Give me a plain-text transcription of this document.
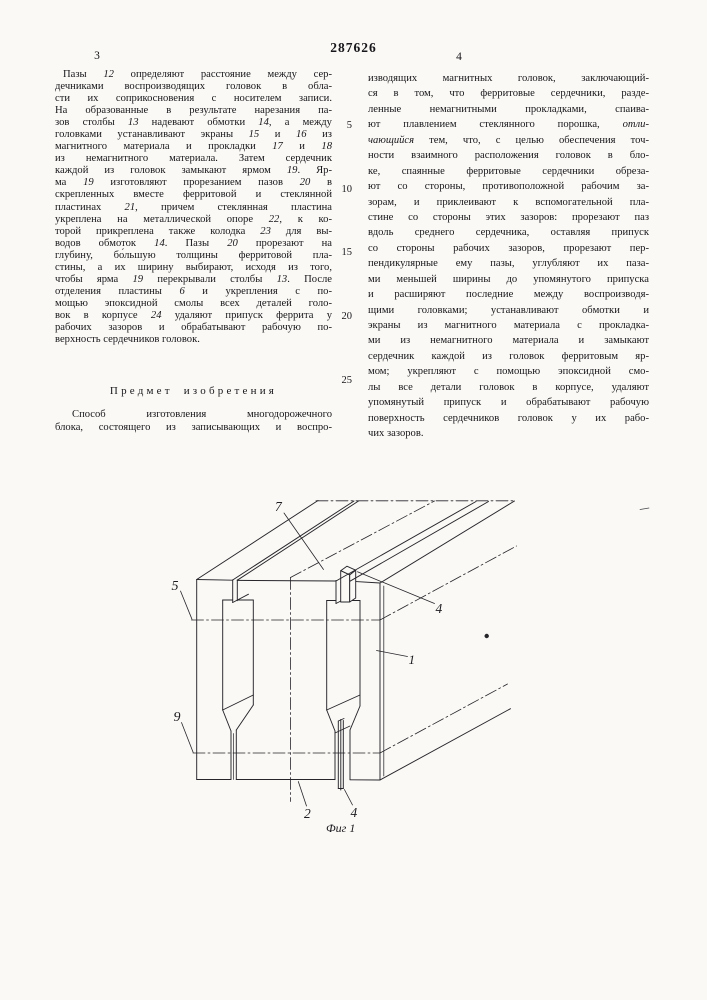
287626
3	4
Пазы 12 определяют расстояние между сер-
дечниками воспроизводящих головок в обла-
сти их соприкосновения с носителем записи.
На образованные в результате нарезания па-
зов столбы 13 надевают обмотки 14, а между
головками устанавливают экраны 15 и 16 из
магнитного материала и прокладки 17 и 18
из немагнитного материала. Затем сердечник
каждой из головок замыкают ярмом 19. Яр-
ма 19 изготовляют прорезанием пазов 20 в
скрепленных вместе ферритовой и стеклянной
пластинах 21, причем стеклянная пластина
укреплена на металлической опоре 22, к ко-
торой прикреплена также колодка 23 для вы-
водов обмоток 14. Пазы 20 прорезают на
глубину, бо́льшую толщины ферритовой пла-
стины, а их ширину выбирают, исходя из того,
чтобы ярма 19 перекрывали столбы 13. После
отделения пластины 6 и укрепления с по-
мощью эпоксидной смолы всех деталей голо-
вок в корпусе 24 удаляют припуск феррита у
рабочих зазоров и обрабатывают рабочую по-
верхность сердечников головок.
Предмет изобретения
Способ изготовления многодорожечного
блока, состоящего из записывающих и воспро-
изводящих магнитных головок, заключающий-
ся в том, что ферритовые сердечники, разде-
ленные немагнитными прокладками, спаива-
ют плавлением стеклянного порошка, отли-
чающийся тем, что, с целью обеспечения точ-
ности взаимного расположения головок в бло-
ке, спаянные ферритовые сердечники обреза-
ют со стороны, противоположной рабочим за-
зорам, и приклеивают к вспомогательной пла-
стине со стороны этих зазоров: прорезают паз
вдоль среднего сердечника, оставляя припуск
со стороны рабочих зазоров, прорезают пер-
пендикулярные ему пазы, углубляют их паза-
ми меньшей ширины до упомянутого припуска
и расширяют последние между воспроизводя-
щими головками; устанавливают обмотки и
экраны из магнитного материала с прокладка-
ми из немагнитного материала и замыкают
сердечник каждой из головок ферритовым яр-
мом; укрепляют с помощью эпоксидной смо-
лы все детали головок в корпусе, удаляют
упомянутый припуск и обрабатывают рабочую
поверхность сердечников головок у их рабо-
чих зазоров.
5
10
15
20
25
7
5
9
4
1
2	4
Фиг 1
